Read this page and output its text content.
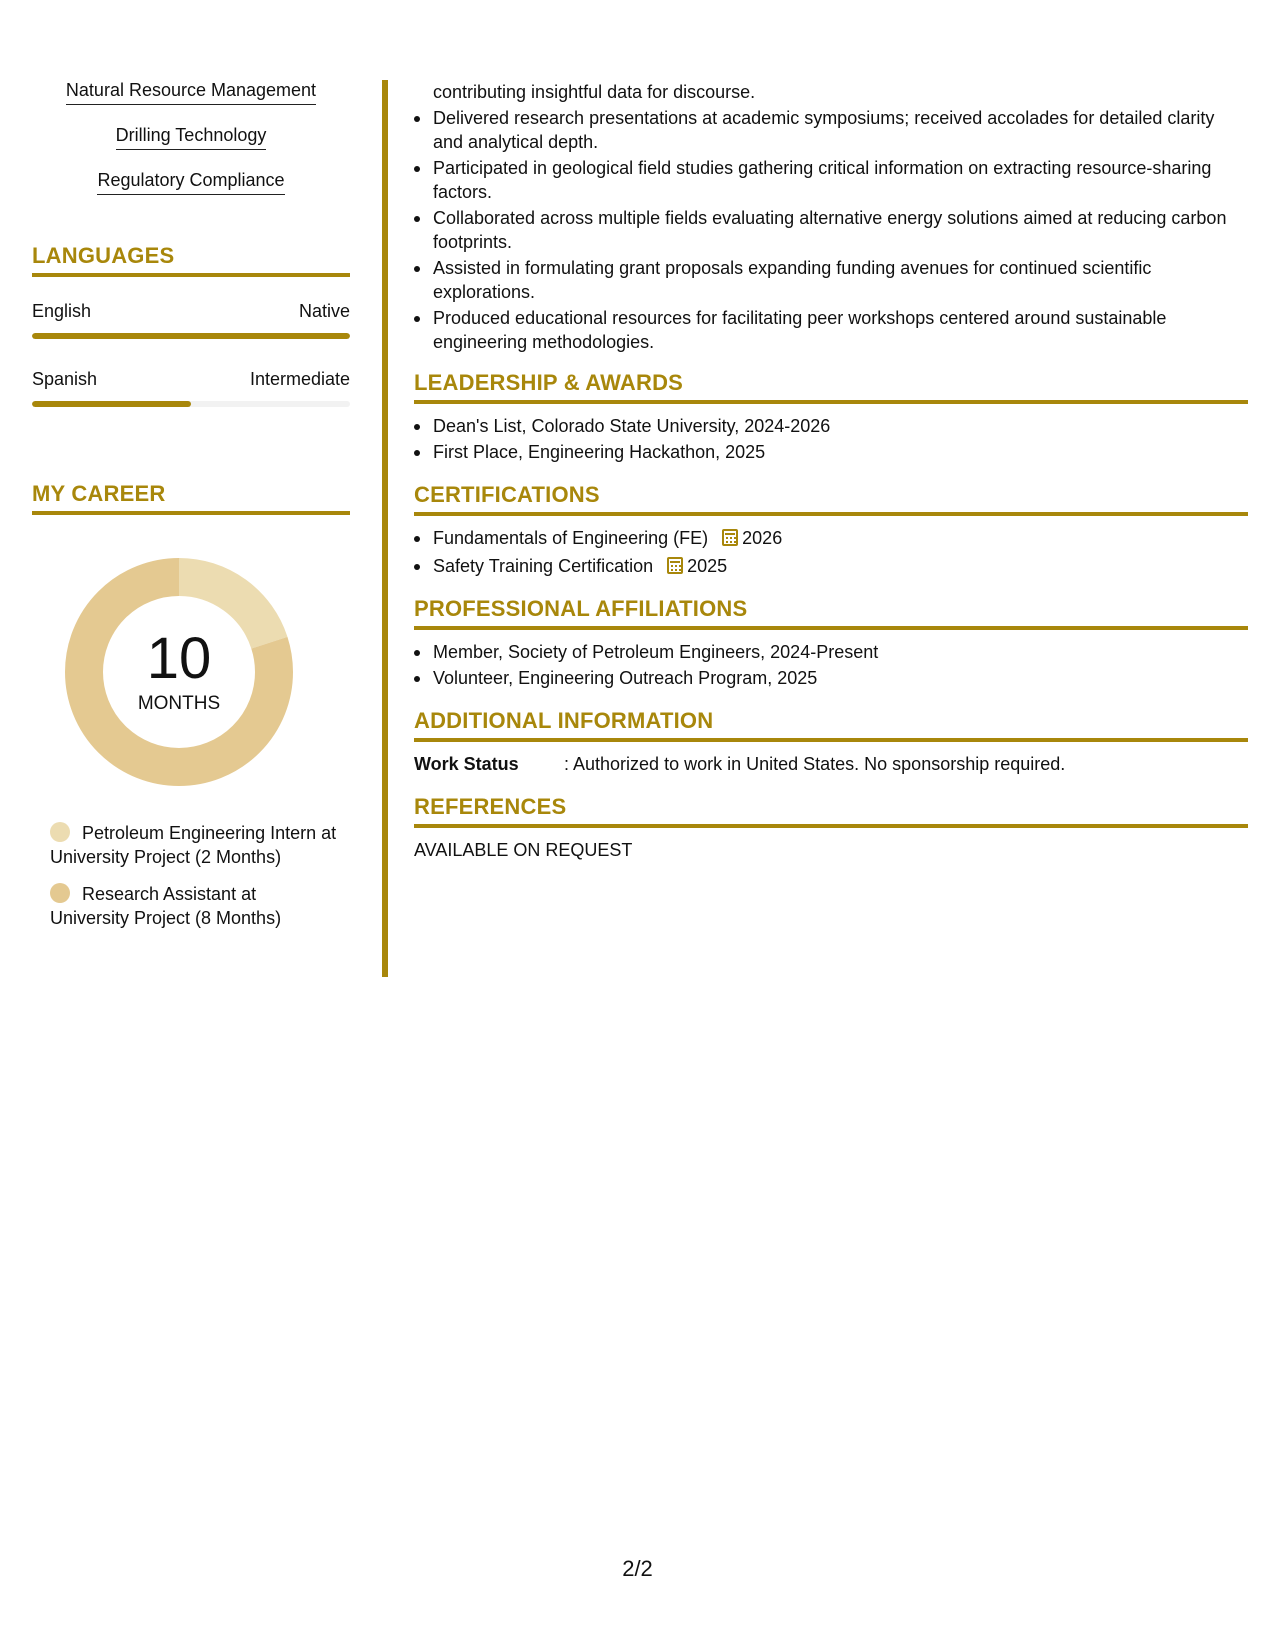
Natural Resource Management
Drilling Technology
Regulatory Compliance
LANGUAGES
English	Native
Spanish	Intermediate
MY CAREER
10
MONTHS
Petroleum Engineering Intern at University Project (2 Months)
Research Assistant at University Project (8 Months)
contributing insightful data for discourse.
Delivered research presentations at academic symposiums; received accolades for detailed clarity and analytical depth.
Participated in geological field studies gathering critical information on extracting resource-sharing factors.
Collaborated across multiple fields evaluating alternative energy solutions aimed at reducing carbon footprints.
Assisted in formulating grant proposals expanding funding avenues for continued scientific explorations.
Produced educational resources for facilitating peer workshops centered around sustainable engineering methodologies.
LEADERSHIP & AWARDS
Dean's List, Colorado State University, 2024-2026
First Place, Engineering Hackathon, 2025
CERTIFICATIONS
Fundamentals of Engineering (FE) 2026
Safety Training Certification 2025
PROFESSIONAL AFFILIATIONS
Member, Society of Petroleum Engineers, 2024-Present
Volunteer, Engineering Outreach Program, 2025
ADDITIONAL INFORMATION
Work Status	: Authorized to work in United States. No sponsorship required.
REFERENCES
AVAILABLE ON REQUEST
2/2
